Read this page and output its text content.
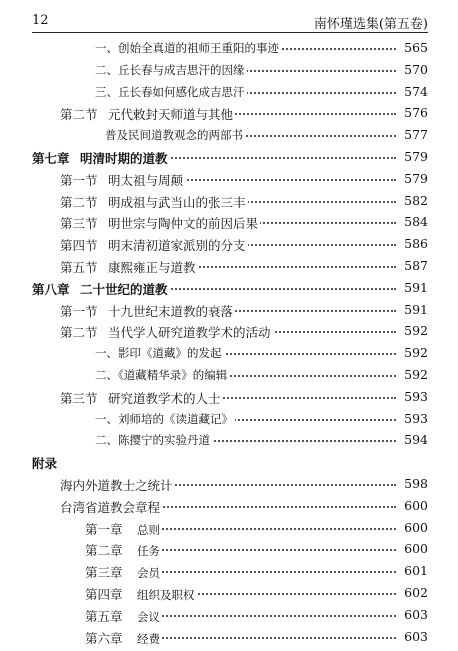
12	南怀瑾选集(第五卷)
一、创始全真道的祖师王重阳的事迹	565
二、丘长春与成吉思汗的因缘	570
三、丘长春如何感化成吉思汗	574
第二节 元代敕封天师道与其他	576
普及民间道教观念的两部书	577
第七章 明清时期的道教	579
第一节 明太祖与周颠	579
第二节 明成祖与武当山的张三丰	582
第三节 明世宗与陶仲文的前因后果	584
第四节 明末清初道家派别的分支	586
第五节 康熙雍正与道教	587
第八章 二十世纪的道教	591
第一节 十九世纪末道教的衰落	591
第二节 当代学人研究道教学术的活动	592
一、影印《道藏》的发起	592
二、《道藏精华录》的编辑	592
第三节 研究道教学术的人士	593
一、刘师培的《读道藏记》	593
二、陈撄宁的实验丹道	594
附录
海内外道教士之统计	598
台湾省道教会章程	600
第一章 总则	600
第二章 任务	600
第三章 会员	601
第四章 组织及职权	602
第五章 会议	603
第六章 经费	603
